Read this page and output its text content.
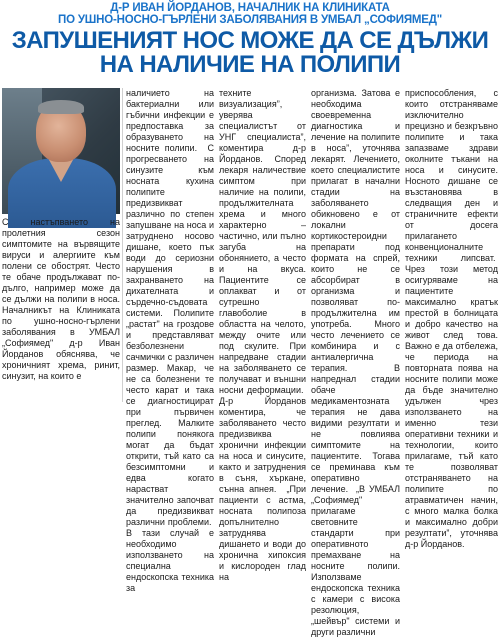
Д-Р ИВАН ЙОРДАНОВ, НАЧАЛНИК НА КЛИНИКАТА
ПО УШНО-НОСНО-ГЪРЛЕНИ ЗАБОЛЯВАНИЯ В УМБАЛ „СОФИЯМЕД"
ЗАПУШЕНИЯТ НОС МОЖЕ ДА СЕ ДЪЛЖИ
НА НАЛИЧИЕ НА ПОЛИПИ
С настъпването на пролетния сезон симптомите на вървящите вируси и алергиите към полени се обострят. Често те обаче продължават по-дълго, например може да се дължи на полипи в носа. Началникът на Клиниката по ушно-носно-гърлени заболявания в УМБАЛ „Софиямед" д-р Иван Йорданов обяснява, че хроничният хрема, ринит, синузит, на които е
наличието на бактериални или гъбични инфекции е предпоставка за образуването на носните полипи.  С прогресването на синузите към носната кухина полипите предизвикват различно по степен запушване на носа и затруднено носово дишане, което пък води до сериозни нарушения в захранването на дихателната и сърдечно-съдовата системи. Полипите „растат" на гроздове и представляват безболезнени сачмички с различен размер. Макар, че не са болезнени те често карат и така се диагностицират при първичен преглед. Малките полипи понякога могат да бъдат открити, тъй като са безсимптомни и едва когато нарастват значително започват да предизвикват различни проблеми.  В тази случай е необходимо използването на специална ендоскопска техника за
техните визуализация”, уверява специалистът от УНГ специалиста”, коментира д-р Йорданов.  Според лекаря наличествие симптом при наличие на полипи, продължителната хрема и много характерно – частично, или пълно загуба на обонянието, а често и на вкуса. Пациентите се оплакват и от сутрешно главоболие в областта на челото, между очите или под скулите. При напредване стадии на заболяването се получават и външни носни деформации.  Д-р Йорданов коментира, че заболяването често предизвиква хронични инфекции на носа и синусите, както и затруднения в съня, хъркане, сънна апнея.  „При пациенти с астма, носната полипоза допълнително затруднява дишането и води до хронична хипоксия и кислороден глад на
организма. Затова е необходима своевременна диагностика и лечение на полипите в носа”, уточнява лекарят.  Лечението, което специалистите прилагат в начални стадии на заболяването обикновено е от локални кортикостероидни препарати под формата на спрей, които не се абсорбират в организма и позволяват по-продължителна им употреба. Много често лечението се комбинира и с антиалергична терапия. В напреднал стадии обаче медикаментозната терапия не дава видими резултати и не повлиява симптомите на пациентите. Тогава се преминава към оперативно лечение.  „В УМБАЛ „Софиямед" прилагаме световните стандарти при оперативното премахване на носните полипи. Използваме ендоскопска техника с камери с висока резолюция, „шейвър" системи и други различни
приспособления, с които отстраняваме изключително прецизно и безкръвно полипите и така запазваме здрави околните тъкани на носа и синусите. Носното дишане се възстановява в следващия ден и страничните ефекти от досега прилагането конвенционалните техники липсват.  Чрез този метод осигуряваме на пациентите максимално кратък престой в болницата и добро качество на живот след това. Важно е да отбележа, че периода на повторната поява на носните полипи може да бъде значително удължен чрез използването на именно тези оперативни техники и технологии, които прилагаме, тъй като те позволяват отстраняването на полипите по атравматичен начин, с много малка болка и максимално добри резултати”, уточнява д-р Йорданов.
